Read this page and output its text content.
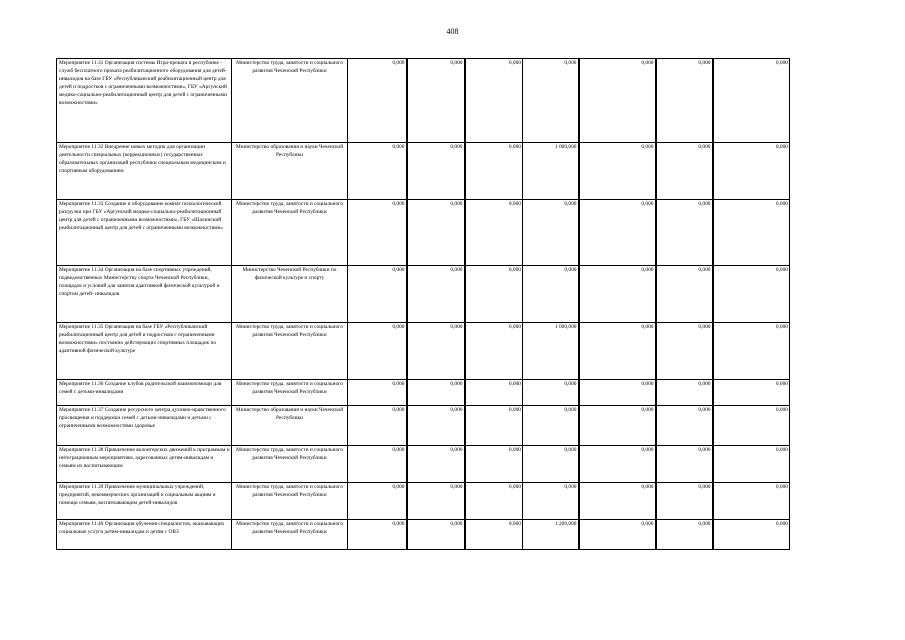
408
Мероприятие 11.31 Организация системы Игра-проката в республике - служб бесплатного проката реабилитационного оборудования для детей-инвалидов на базе ГБУ «Республиканский реабилитационный центр для детей и подростков с ограниченными возможностями», ГБУ «Аргунский медико-социально-реабилитационный центр для детей с ограниченными возможностями»	Министерство труда, занятости и социального развития Чеченской Республики	0,000	0,000	0,000	0,000	0,000	0,000	0,000
Мероприятие 11.32 Внедрение новых методик для организации деятельности специальных (коррекционных) государственных образовательных организаций республики специальным медицинским и спортивным оборудованием	Министерство образования и науки Чеченской Республики	0,000	0,000	0,000	1 000,000	0,000	0,000	0,000
Мероприятие 11.33 Создание и оборудование комнат психологической разгрузки при ГБУ «Аргунский медико-социально-реабилитационный центр для детей с ограниченными возможностями», ГБУ «Шалинский реабилитационный центр для детей с ограниченными возможностями»	Министерство труда, занятости и социального развития Чеченской Республики	0,000	0,000	0,000	0,000	0,000	0,000	0,000
Мероприятие 11.34 Организация на базе спортивных учреждений, подведомственных Министерству спорта Чеченской Республики, площадок и условий для занятия адаптивной физической культурой и спортом детей- инвалидов	Министерство Чеченской Республики по физической культуре и спорту	0,000	0,000	0,000	0,000	0,000	0,000	0,000
Мероприятие 11.35 Организация на базе ГБУ «Республиканский реабилитационный центр для детей и подростков с ограниченными возможностями» постоянно действующих спортивных площадок по адаптивной физической культуре	Министерство труда, занятости и социального развития Чеченской Республики	0,000	0,000	0,000	1 000,000	0,000	0,000	0,000
Мероприятие 11.36 Создание клубов родительской взаимопомощи для семей с детьми-инвалидами	Министерство труда, занятости и социального развития Чеченской Республики	0,000	0,000	0,000	0,000	0,000	0,000	0,000
Мероприятие 11.37 Создание ресурсного центра духовно-нравственного просвещения и поддержки семей с детьми-инвалидами и детьми с ограниченными возможностями здоровья	Министерство образования и науки Чеченской Республики	0,000	0,000	0,000	0,000	0,000	0,000	0,000
Мероприятие 11.38 Привлечение волонтерских движений к программам и интеграционным мероприятиям, адресованных детям-инвалидам и семьям их воспитывающим	Министерство труда, занятости и социального развития Чеченской Республики	0,000	0,000	0,000	0,000	0,000	0,000	0,000
Мероприятие 11.39 Привлечение муниципальных учреждений, предприятий, некоммерческих организаций к социальным акциям и помощи семьям, воспитывающим детей-инвалидов	Министерство труда, занятости и социального развития Чеченской Республики	0,000	0,000	0,000	0,000	0,000	0,000	0,000
Мероприятие 11.40 Организация обучения специалистов, оказывающих социальные услуги детям-инвалидам и детям с ОВЗ	Министерство труда, занятости и социального развития Чеченской Республики	0,000	0,000	0,000	1 200,000	0,000	0,000	0,000
